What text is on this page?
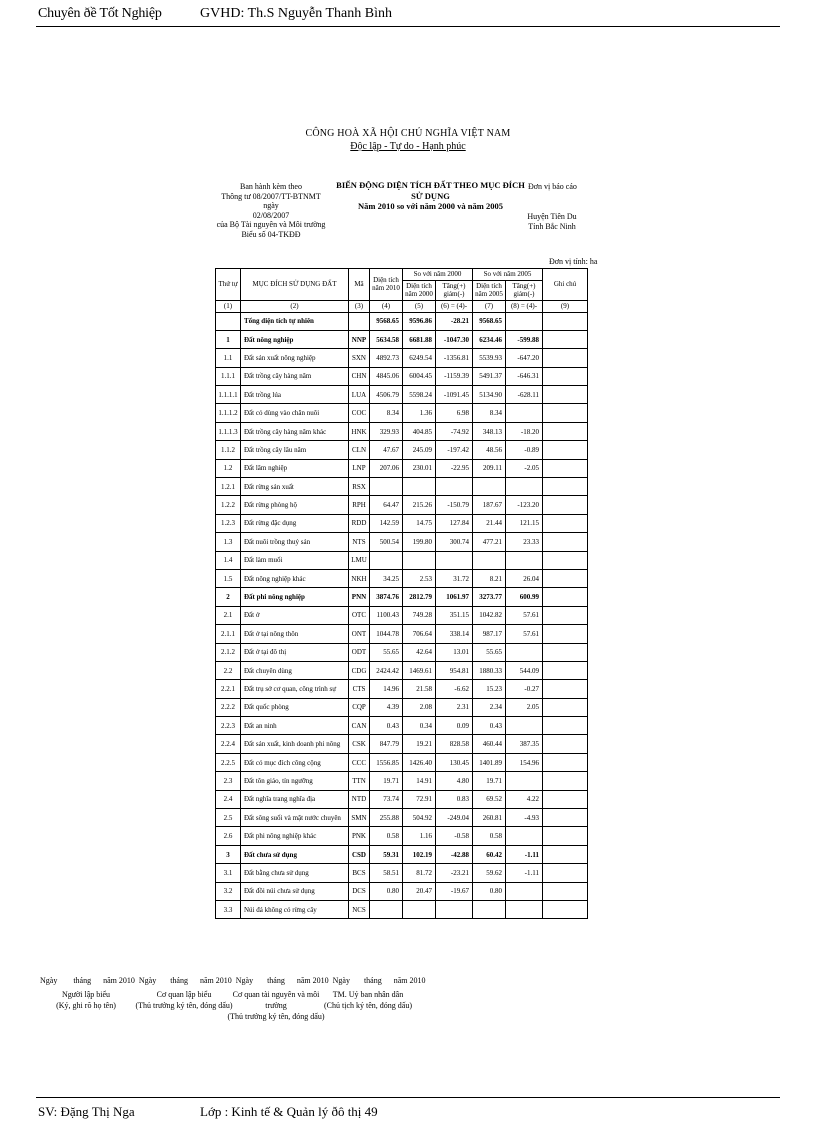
Chuyên ðề Tốt Nghiệp	GVHD: Th.S Nguyễn Thanh Bình
CÔNG HOÀ XÃ HỘI CHỦ NGHĨA VIỆT NAM
Độc lập - Tự do - Hạnh phúc
Ban hành kèm theo
Thông tư 08/2007/TT-BTNMT ngày
02/08/2007
của Bộ Tài nguyên và Môi trường
Biểu số 04-TKĐĐ
BIẾN ĐỘNG DIỆN TÍCH ĐẤT THEO MỤC ĐÍCH SỬ DỤNG
Năm 2010 so với năm 2000 và năm 2005
Đơn vị báo cáo
Huyện Tiên Du
Tỉnh Bắc Ninh
Đơn vị tính: ha
Thứ tự	MỤC ĐÍCH SỬ DỤNG ĐẤT	Mã	Diện tích năm 2010	So với năm 2000		So với năm 2005		Ghi chú
				Diện tích năm 2000	Tăng(+) giảm(-)	Diện tích năm 2005	Tăng(+) giảm(-)	
(1)	(2)	(3)	(4)	(5)	(6) = (4)-	(7)	(8) = (4)-	(9)
	Tổng diện tích tự nhiên		9568.65	9596.86	-28.21	9568.65		
1	Đất nông nghiệp	NNP	5634.58	6681.88	-1047.30	6234.46	-599.88	
1.1	Đất sản xuất nông nghiệp	SXN	4892.73	6249.54	-1356.81	5539.93	-647.20	
1.1.1	Đất trồng cây hàng năm	CHN	4845.06	6004.45	-1159.39	5491.37	-646.31	
1.1.1.1	Đất trồng lúa	LUA	4506.79	5598.24	-1091.45	5134.90	-628.11	
1.1.1.2	Đất cỏ dùng vào chăn nuôi	COC	8.34	1.36	6.98	8.34		
1.1.1.3	Đất trồng cây hàng năm khác	HNK	329.93	404.85	-74.92	348.13	-18.20	
1.1.2	Đất trồng cây lâu năm	CLN	47.67	245.09	-197.42	48.56	-0.89	
1.2	Đất lâm nghiệp	LNP	207.06	230.01	-22.95	209.11	-2.05	
1.2.1	Đất rừng sản xuất	RSX						
1.2.2	Đất rừng phòng hộ	RPH	64.47	215.26	-150.79	187.67	-123.20	
1.2.3	Đất rừng đặc dụng	RDD	142.59	14.75	127.84	21.44	121.15	
1.3	Đất nuôi trồng thuỷ sản	NTS	500.54	199.80	300.74	477.21	23.33	
1.4	Đất làm muối	LMU						
1.5	Đất nông nghiệp khác	NKH	34.25	2.53	31.72	8.21	26.04	
2	Đất phi nông nghiệp	PNN	3874.76	2812.79	1061.97	3273.77	600.99	
2.1	Đất ở	OTC	1100.43	749.28	351.15	1042.82	57.61	
2.1.1	Đất ở tại nông thôn	ONT	1044.78	706.64	338.14	987.17	57.61	
2.1.2	Đất ở tại đô thị	ODT	55.65	42.64	13.01	55.65		
2.2	Đất chuyên dùng	CDG	2424.42	1469.61	954.81	1880.33	544.09	
2.2.1	Đất trụ sở cơ quan, công trình sự	CTS	14.96	21.58	-6.62	15.23	-0.27	
2.2.2	Đất quốc phòng	CQP	4.39	2.08	2.31	2.34	2.05	
2.2.3	Đất an ninh	CAN	0.43	0.34	0.09	0.43		
2.2.4	Đất sản xuất, kinh doanh phi nông	CSK	847.79	19.21	828.58	460.44	387.35	
2.2.5	Đất có mục đích công cộng	CCC	1556.85	1426.40	130.45	1401.89	154.96	
2.3	Đất tôn giáo, tín ngưỡng	TTN	19.71	14.91	4.80	19.71		
2.4	Đất nghĩa trang nghĩa địa	NTD	73.74	72.91	0.83	69.52	4.22	
2.5	Đất sông suối và mặt nước chuyên	SMN	255.88	504.92	-249.04	260.81	-4.93	
2.6	Đất phi nông nghiệp khác	PNK	0.58	1.16	-0.58	0.58		
3	Đất chưa sử dụng	CSD	59.31	102.19	-42.88	60.42	-1.11	
3.1	Đất bằng chưa sử dụng	BCS	58.51	81.72	-23.21	59.62	-1.11	
3.2	Đất đồi núi chưa sử dụng	DCS	0.80	20.47	-19.67	0.80		
3.3	Núi đá không có rừng cây	NCS						
Ngày        tháng      năm 2010  Ngày       tháng      năm 2010  Ngày       tháng      năm 2010  Ngày       tháng      năm 2010
Người lập biểu
(Ký, ghi rõ họ tên)
Cơ quan lập biểu
(Thủ trưởng ký tên, đóng dấu)
Cơ quan tài nguyên và môi
trường
(Thủ trưởng ký tên, đóng dấu)
TM. Uỷ ban nhân dân
(Chủ tịch ký tên, đóng dấu)
SV: Ðặng Thị Nga	Lớp : Kinh tế & Quản lý ðô thị 49
